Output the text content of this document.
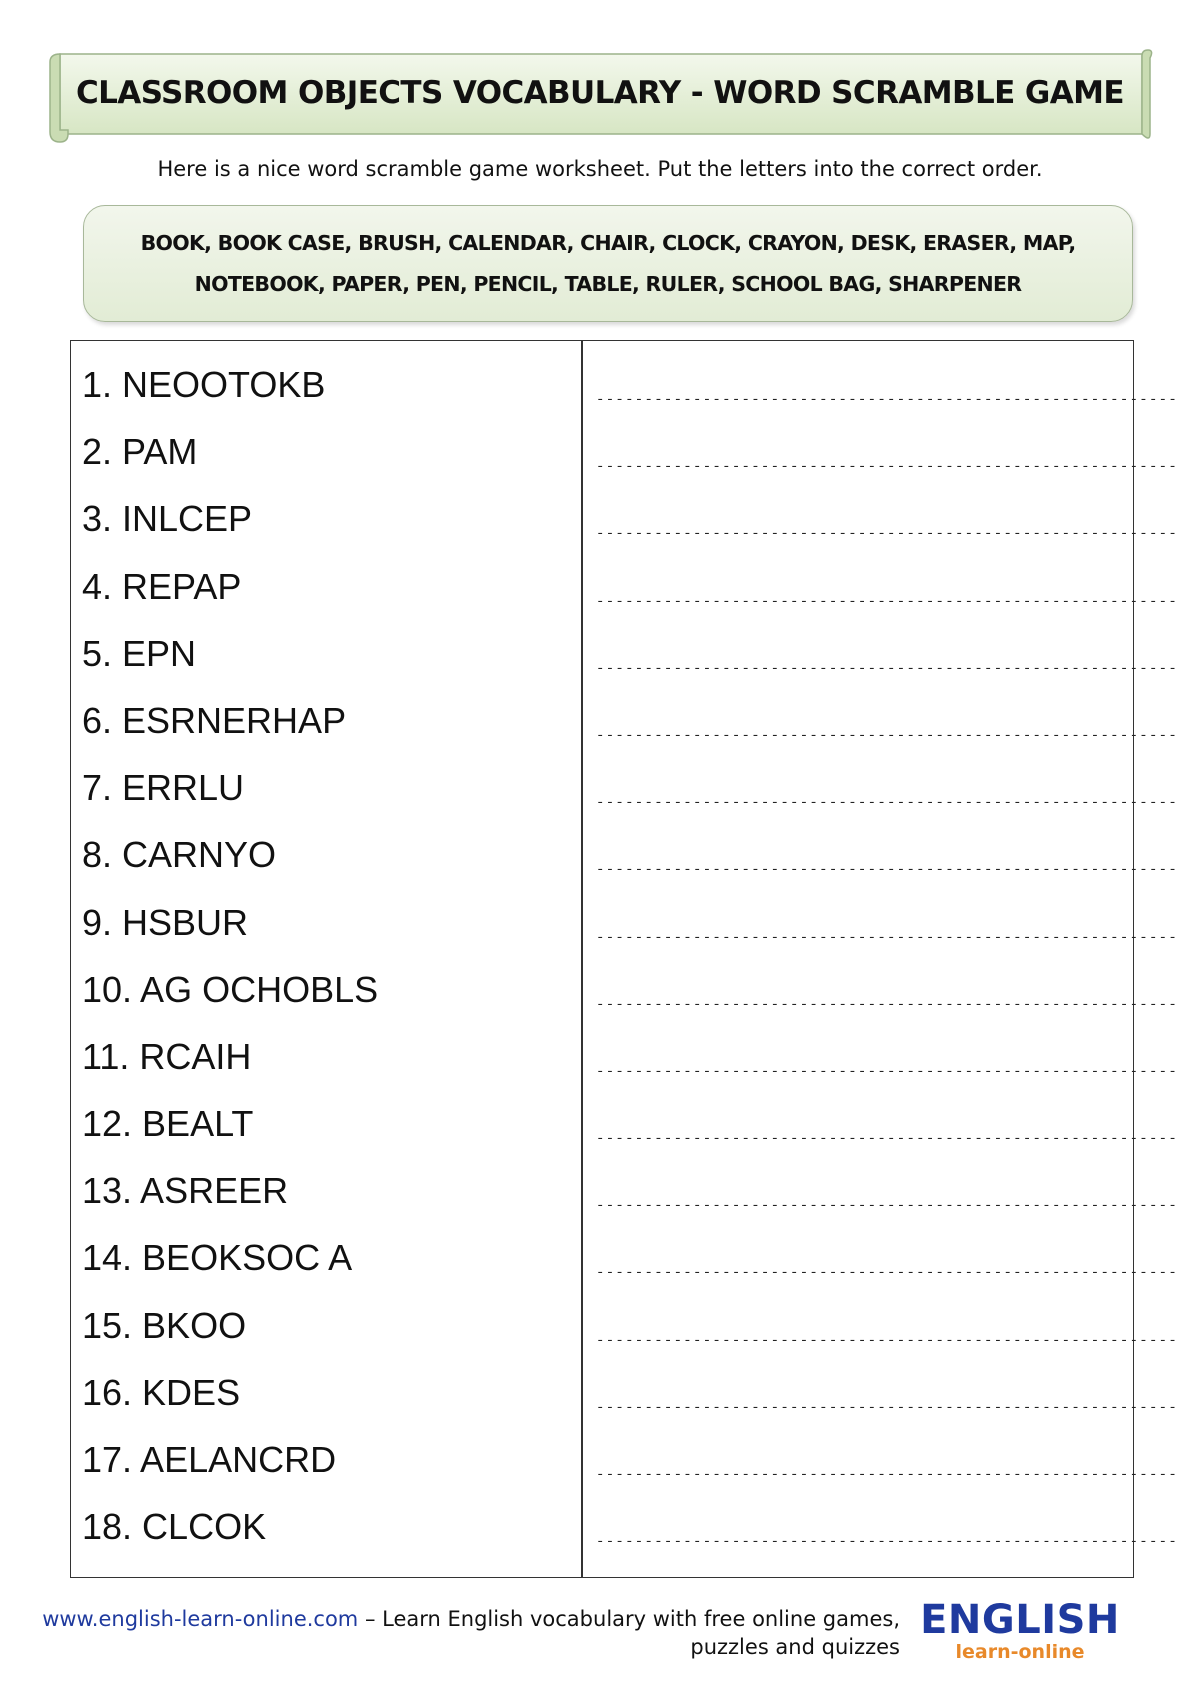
CLASSROOM OBJECTS VOCABULARY - WORD SCRAMBLE GAME
Here is a nice word scramble game worksheet. Put the letters into the correct order.
BOOK, BOOK CASE, BRUSH, CALENDAR, CHAIR, CLOCK, CRAYON, DESK, ERASER, MAP, NOTEBOOK, PAPER, PEN, PENCIL, TABLE, RULER, SCHOOL BAG, SHARPENER
1. NEOOTOKB	------------------------------------------------------------
2. PAM	------------------------------------------------------------
3. INLCEP	------------------------------------------------------------
4. REPAP	------------------------------------------------------------
5. EPN	------------------------------------------------------------
6. ESRNERHAP	------------------------------------------------------------
7. ERRLU	------------------------------------------------------------
8. CARNYO	------------------------------------------------------------
9. HSBUR	------------------------------------------------------------
10. AG OCHOBLS	------------------------------------------------------------
11. RCAIH	------------------------------------------------------------
12. BEALT	------------------------------------------------------------
13. ASREER	------------------------------------------------------------
14. BEOKSOC A	------------------------------------------------------------
15. BKOO	------------------------------------------------------------
16. KDES	------------------------------------------------------------
17. AELANCRD	------------------------------------------------------------
18. CLCOK	------------------------------------------------------------
www.english-learn-online.com – Learn English vocabulary with free online games, puzzles and quizzes
ENGLISH
learn-online
